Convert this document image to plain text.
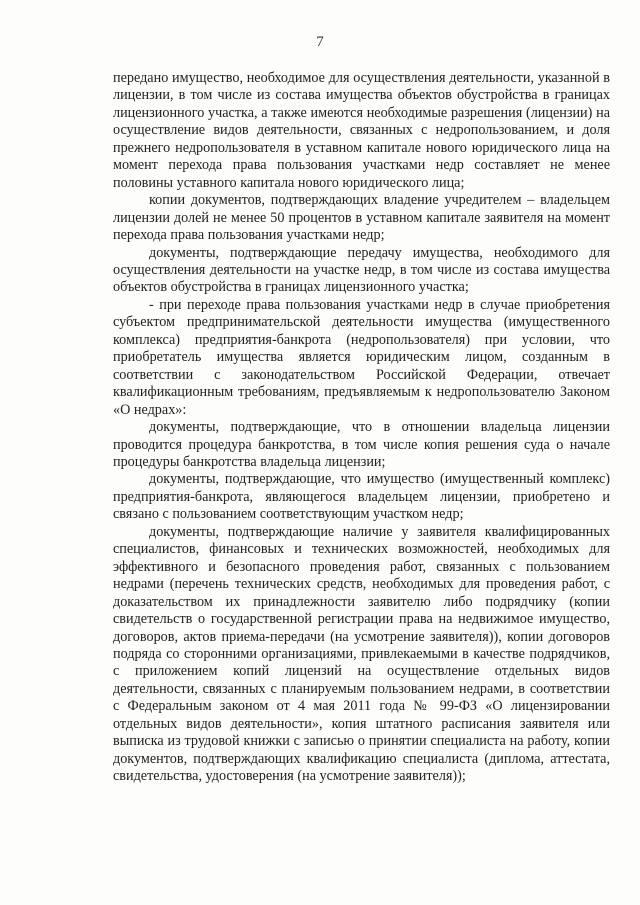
7

передано имущество, необходимое для осуществления деятельности, указанной в лицензии, в том числе из состава имущества объектов обустройства в границах лицензионного участка, а также имеются необходимые разрешения (лицензии) на осуществление видов деятельности, связанных с недропользованием, и доля прежнего недропользователя в уставном капитале нового юридического лица на момент перехода права пользования участками недр составляет не менее половины уставного капитала нового юридического лица;

копии документов, подтверждающих владение учредителем – владельцем лицензии долей не менее 50 процентов в уставном капитале заявителя на момент перехода права пользования участками недр;

документы, подтверждающие передачу имущества, необходимого для осуществления деятельности на участке недр, в том числе из состава имущества объектов обустройства в границах лицензионного участка;

- при переходе права пользования участками недр в случае приобретения субъектом предпринимательской деятельности имущества (имущественного комплекса) предприятия-банкрота (недропользователя) при условии, что приобретатель имущества является юридическим лицом, созданным в соответствии с законодательством Российской Федерации, отвечает квалификационным требованиям, предъявляемым к недропользователю Законом «О недрах»:

документы, подтверждающие, что в отношении владельца лицензии проводится процедура банкротства, в том числе копия решения суда о начале процедуры банкротства владельца лицензии;

документы, подтверждающие, что имущество (имущественный комплекс) предприятия-банкрота, являющегося владельцем лицензии, приобретено и связано с пользованием соответствующим участком недр;

документы, подтверждающие наличие у заявителя квалифицированных специалистов, финансовых и технических возможностей, необходимых для эффективного и безопасного проведения работ, связанных с пользованием недрами (перечень технических средств, необходимых для проведения работ, с доказательством их принадлежности заявителю либо подрядчику (копии свидетельств о государственной регистрации права на недвижимое имущество, договоров, актов приема-передачи (на усмотрение заявителя)), копии договоров подряда со сторонними организациями, привлекаемыми в качестве подрядчиков, с приложением копий лицензий на осуществление отдельных видов деятельности, связанных с планируемым пользованием недрами, в соответствии с Федеральным законом от 4 мая 2011 года № 99-ФЗ «О лицензировании отдельных видов деятельности», копия штатного расписания заявителя или выписка из трудовой книжки с записью о принятии специалиста на работу, копии документов, подтверждающих квалификацию специалиста (диплома, аттестата, свидетельства, удостоверения (на усмотрение заявителя));
